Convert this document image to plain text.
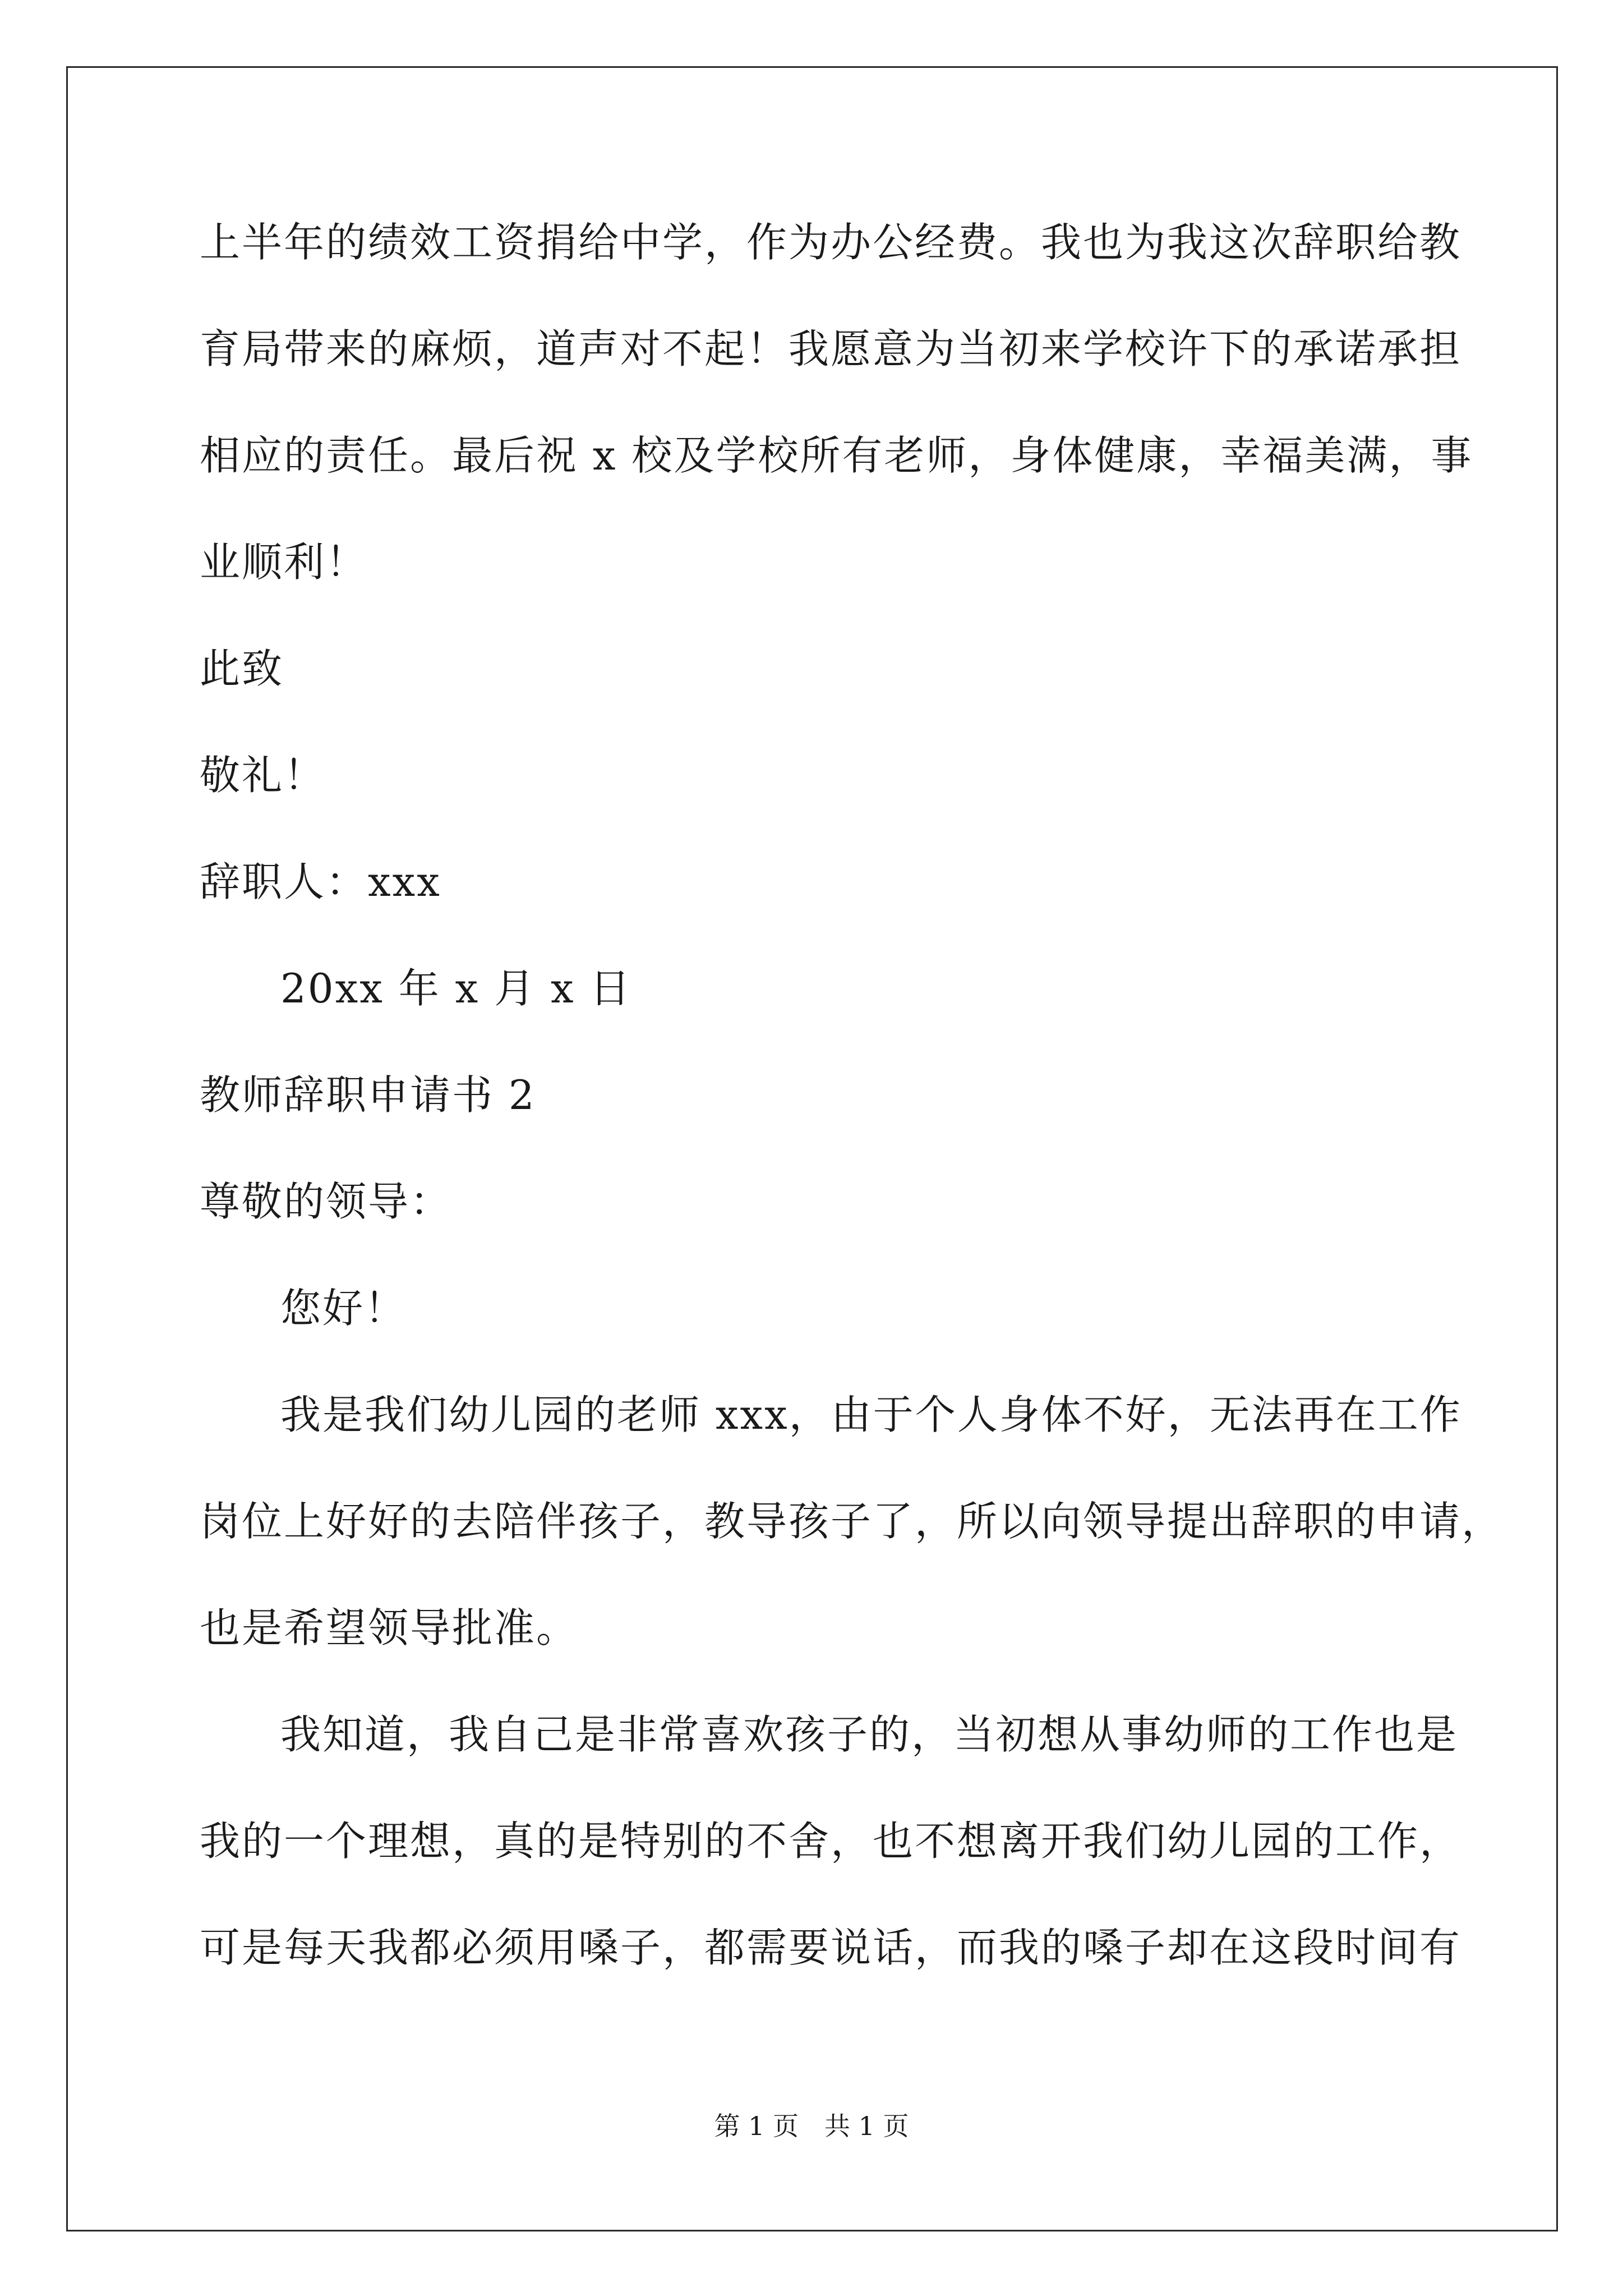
上半年的绩效工资捐给中学，作为办公经费。我也为我这次辞职给教
育局带来的麻烦，道声对不起！我愿意为当初来学校许下的承诺承担
相应的责任。最后祝 x 校及学校所有老师，身体健康，幸福美满，事
业顺利！
此致
敬礼！
辞职人：xxx
20xx 年 x 月 x 日
教师辞职申请书 2
尊敬的领导：
您好！
我是我们幼儿园的老师 xxx，由于个人身体不好，无法再在工作
岗位上好好的去陪伴孩子，教导孩子了，所以向领导提出辞职的申请，
也是希望领导批准。
我知道，我自己是非常喜欢孩子的，当初想从事幼师的工作也是
我的一个理想，真的是特别的不舍，也不想离开我们幼儿园的工作，
可是每天我都必须用嗓子，都需要说话，而我的嗓子却在这段时间有
第 1 页　共 1 页
